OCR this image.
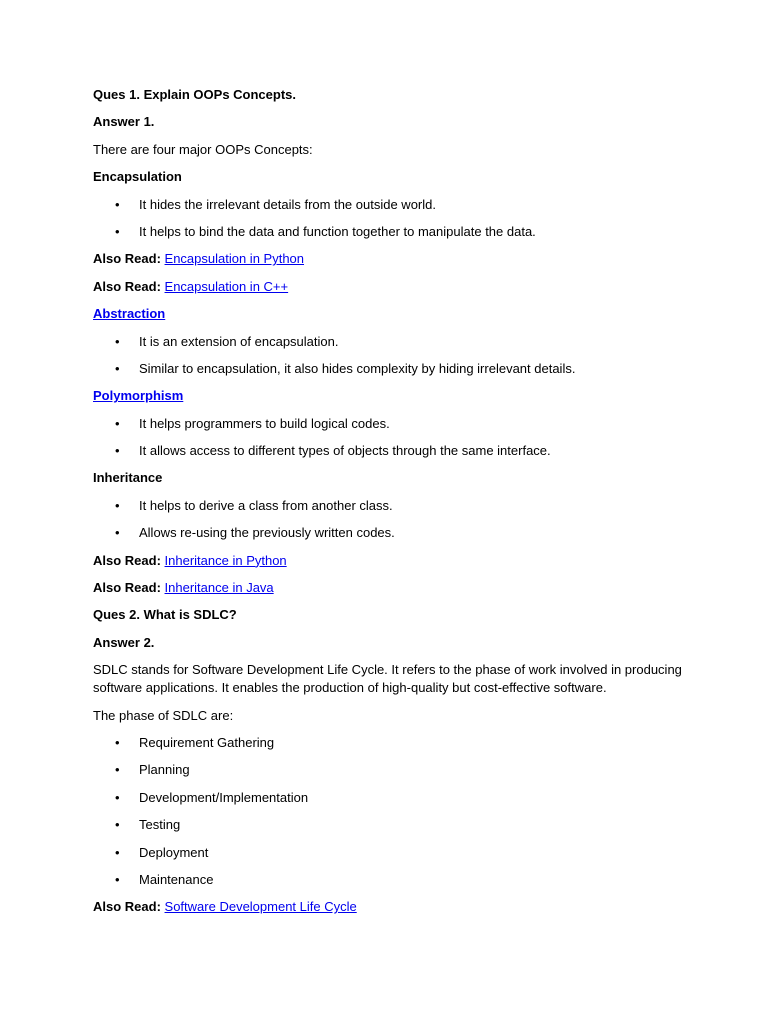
Ques 1. Explain OOPs Concepts.
Answer 1.
There are four major OOPs Concepts:
Encapsulation
• It hides the irrelevant details from the outside world.
• It helps to bind the data and function together to manipulate the data.
Also Read: Encapsulation in Python
Also Read: Encapsulation in C++
Abstraction
• It is an extension of encapsulation.
• Similar to encapsulation, it also hides complexity by hiding irrelevant details.
Polymorphism
• It helps programmers to build logical codes.
• It allows access to different types of objects through the same interface.
Inheritance
• It helps to derive a class from another class.
• Allows re-using the previously written codes.
Also Read: Inheritance in Python
Also Read: Inheritance in Java
Ques 2. What is SDLC?
Answer 2.
SDLC stands for Software Development Life Cycle. It refers to the phase of work involved in producing software applications. It enables the production of high-quality but cost-effective software.
The phase of SDLC are:
• Requirement Gathering
• Planning
• Development/Implementation
• Testing
• Deployment
• Maintenance
Also Read: Software Development Life Cycle
